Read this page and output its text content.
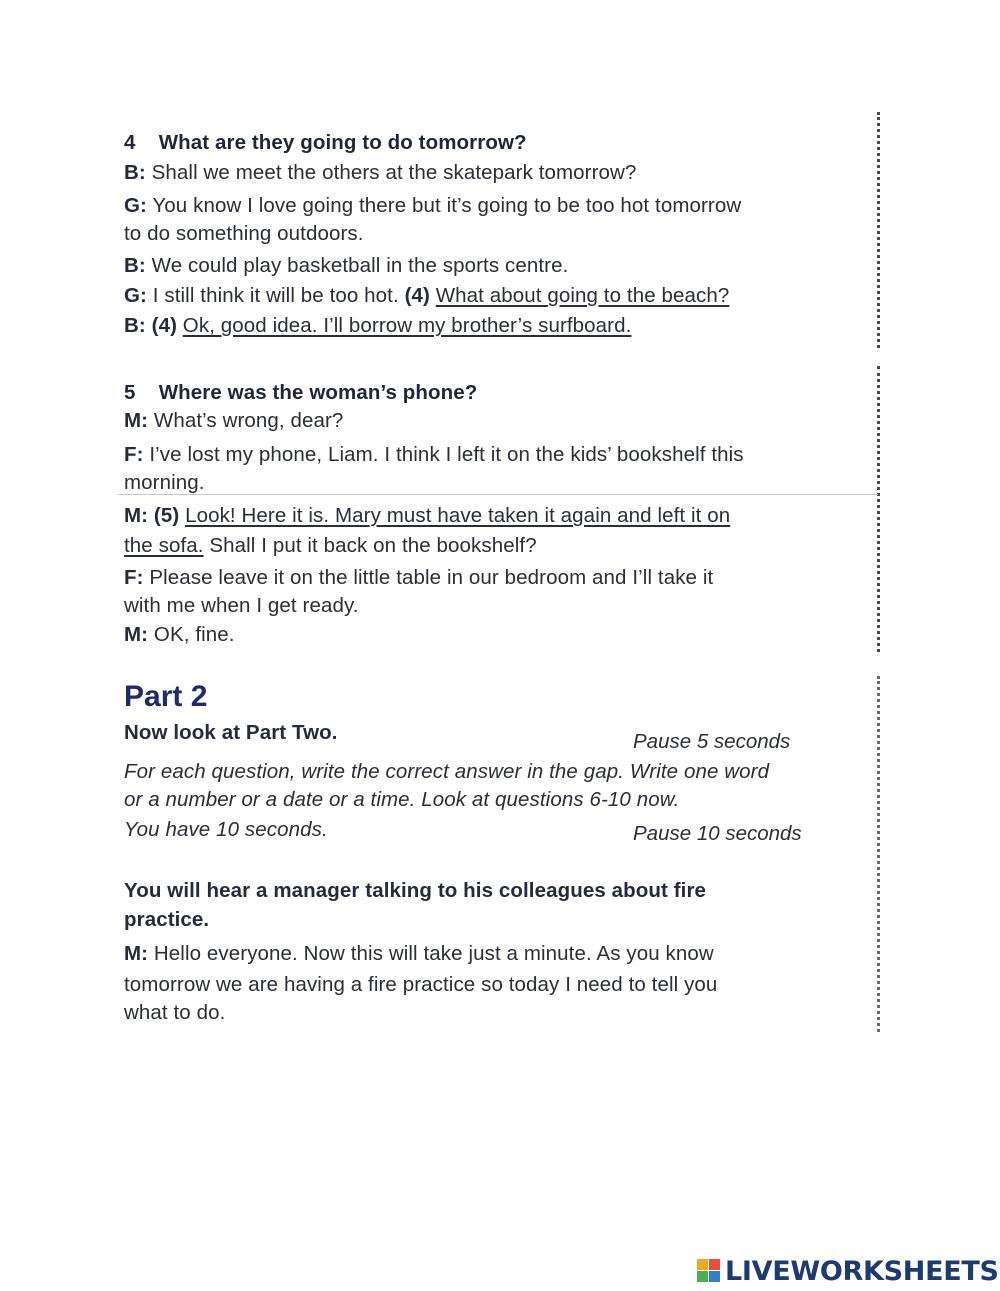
4 What are they going to do tomorrow?
B: Shall we meet the others at the skatepark tomorrow?
G: You know I love going there but it’s going to be too hot tomorrow
to do something outdoors.
B: We could play basketball in the sports centre.
G: I still think it will be too hot. (4) What about going to the beach?
B: (4) Ok, good idea. I’ll borrow my brother’s surfboard.
5 Where was the woman’s phone?
M: What’s wrong, dear?
F: I’ve lost my phone, Liam. I think I left it on the kids’ bookshelf this
morning.
M: (5) Look! Here it is. Mary must have taken it again and left it on
the sofa. Shall I put it back on the bookshelf?
F: Please leave it on the little table in our bedroom and I’ll take it
with me when I get ready.
M: OK, fine.
Part 2
Now look at Part Two.	Pause 5 seconds
For each question, write the correct answer in the gap. Write one word
or a number or a date or a time. Look at questions 6-10 now.
You have 10 seconds.	Pause 10 seconds
You will hear a manager talking to his colleagues about fire
practice.
M: Hello everyone. Now this will take just a minute. As you know
tomorrow we are having a fire practice so today I need to tell you
what to do.
LIVEWORKSHEETS
